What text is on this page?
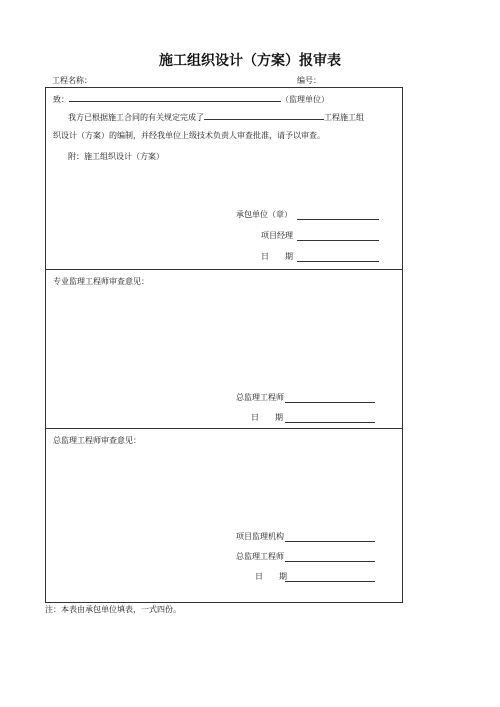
施工组织设计（方案）报审表
工程名称：	编号：
致：	（监理单位）
我方已根据施工合同的有关规定完成了	工程施工组
织设计（方案）的编制，并经我单位上级技术负责人审查批准，请予以审查。
附：施工组织设计（方案）
承包单位（章）
项目经理
日　　期
专业监理工程师审查意见：
总监理工程师
日　　期
总监理工程师审查意见：
项目监理机构
总监理工程师
日　　期
注：本表由承包单位填表，一式四份。
